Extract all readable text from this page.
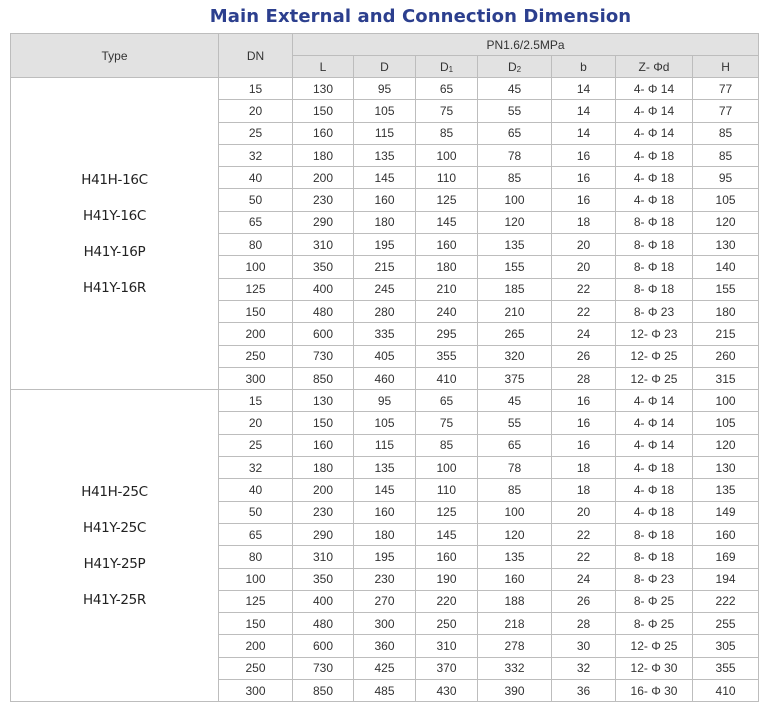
Main External and Connection Dimension
Type	DN	PN1.6/2.5MPa						
		L	D	$D_1$	$D_2$	b	Z- Φd	H

H41H-16C
H41Y-16C
H41Y-16P
H41Y-16R	15	130	95	65	45	14	4- Φ 14	77
	20	150	105	75	55	14	4- Φ 14	77
	25	160	115	85	65	14	4- Φ 14	85
	32	180	135	100	78	16	4- Φ 18	85
	40	200	145	110	85	16	4- Φ 18	95
	50	230	160	125	100	16	4- Φ 18	105
	65	290	180	145	120	18	8- Φ 18	120
	80	310	195	160	135	20	8- Φ 18	130
	100	350	215	180	155	20	8- Φ 18	140
	125	400	245	210	185	22	8- Φ 18	155
	150	480	280	240	210	22	8- Φ 23	180
	200	600	335	295	265	24	12- Φ 23	215
	250	730	405	355	320	26	12- Φ 25	260
	300	850	460	410	375	28	12- Φ 25	315

H41H-25C
H41Y-25C
H41Y-25P
H41Y-25R	15	130	95	65	45	16	4- Φ 14	100
	20	150	105	75	55	16	4- Φ 14	105
	25	160	115	85	65	16	4- Φ 14	120
	32	180	135	100	78	18	4- Φ 18	130
	40	200	145	110	85	18	4- Φ 18	135
	50	230	160	125	100	20	4- Φ 18	149
	65	290	180	145	120	22	8- Φ 18	160
	80	310	195	160	135	22	8- Φ 18	169
	100	350	230	190	160	24	8- Φ 23	194
	125	400	270	220	188	26	8- Φ 25	222
	150	480	300	250	218	28	8- Φ 25	255
	200	600	360	310	278	30	12- Φ 25	305
	250	730	425	370	332	32	12- Φ 30	355
	300	850	485	430	390	36	16- Φ 30	410
